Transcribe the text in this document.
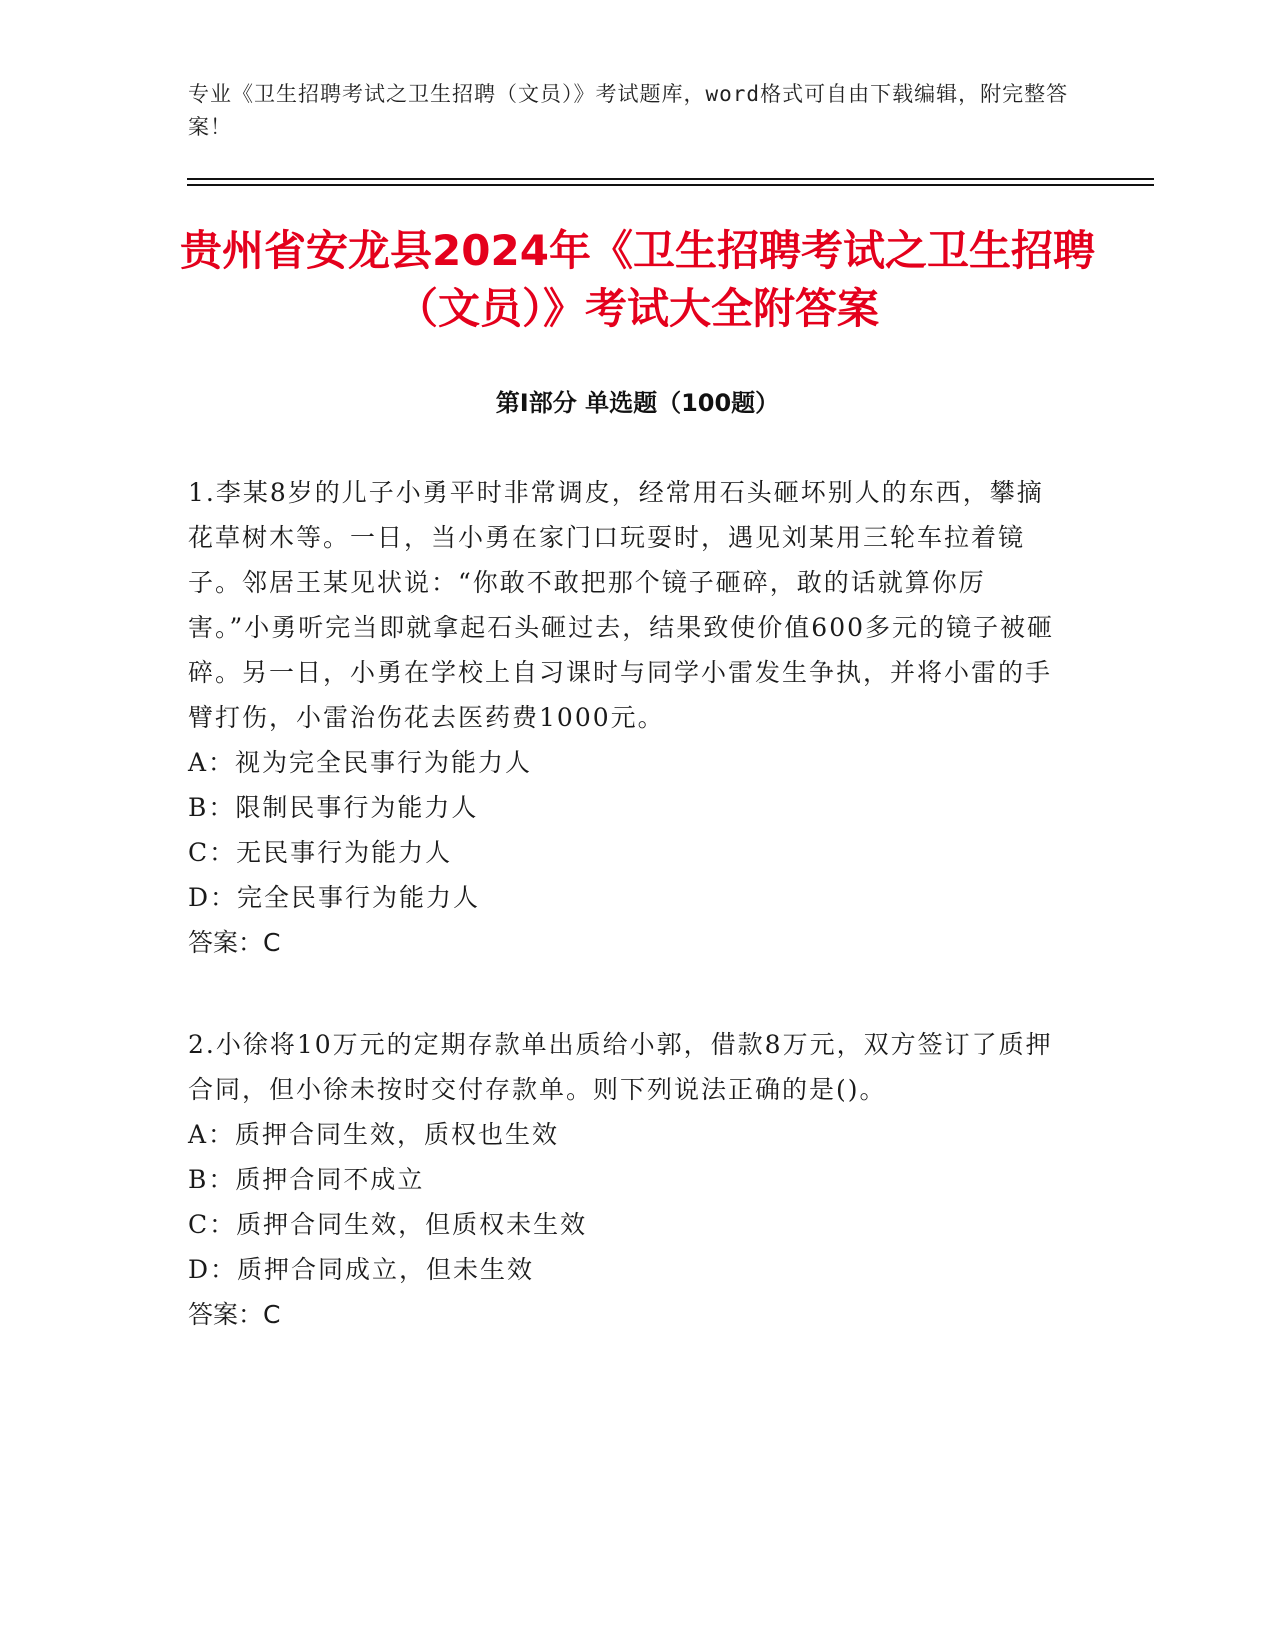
专业《卫生招聘考试之卫生招聘（文员）》考试题库，word格式可自由下载编辑，附完整答案！
贵州省安龙县2024年《卫生招聘考试之卫生招聘（文员）》考试大全附答案
第I部分 单选题（100题）

1.李某8岁的儿子小勇平时非常调皮，经常用石头砸坏别人的东西，攀摘花草树木等。一日，当小勇在家门口玩耍时，遇见刘某用三轮车拉着镜子。邻居王某见状说：“你敢不敢把那个镜子砸碎，敢的话就算你厉害。”小勇听完当即就拿起石头砸过去，结果致使价值600多元的镜子被砸碎。另一日，小勇在学校上自习课时与同学小雷发生争执，并将小雷的手臂打伤，小雷治伤花去医药费1000元。

A：视为完全民事行为能力人

B：限制民事行为能力人

C：无民事行为能力人

D：完全民事行为能力人

答案：C

2.小徐将10万元的定期存款单出质给小郭，借款8万元，双方签订了质押合同，但小徐未按时交付存款单。则下列说法正确的是()。

A：质押合同生效，质权也生效

B：质押合同不成立

C：质押合同生效，但质权未生效

D：质押合同成立，但未生效

答案：C
